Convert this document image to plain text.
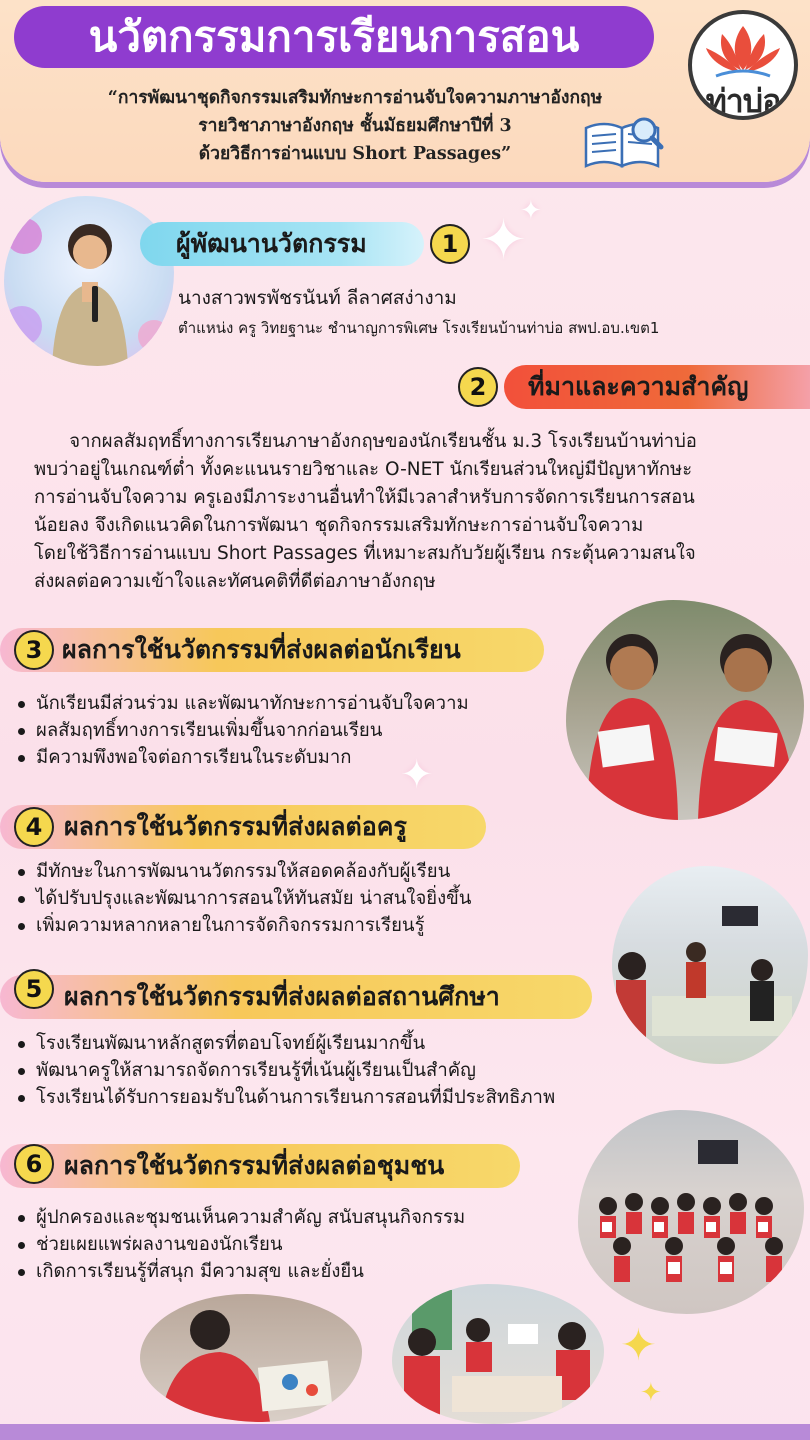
นวัตกรรมการเรียนการสอน
“การพัฒนาชุดกิจกรรมเสริมทักษะการอ่านจับใจความภาษาอังกฤษ
รายวิชาภาษาอังกฤษ ชั้นมัธยมศึกษาปีที่ 3
ด้วยวิธีการอ่านแบบ Short Passages”
ท่าบ่อ
✦
✦
✦
✦
✦
ผู้พัฒนานวัตกรรม	1
นางสาวพรพัชรนันท์ ลีลาศสง่างาม
ตำแหน่ง ครู วิทยฐานะ ชำนาญการพิเศษ โรงเรียนบ้านท่าบ่อ สพป.อบ.เขต1
2	ที่มาและความสำคัญ
จากผลสัมฤทธิ์ทางการเรียนภาษาอังกฤษของนักเรียนชั้น ม.3 โรงเรียนบ้านท่าบ่อ
พบว่าอยู่ในเกณฑ์ต่ำ ทั้งคะแนนรายวิชาและ O-NET นักเรียนส่วนใหญ่มีปัญหาทักษะ
การอ่านจับใจความ ครูเองมีภาระงานอื่นทำให้มีเวลาสำหรับการจัดการเรียนการสอน
น้อยลง จึงเกิดแนวคิดในการพัฒนา ชุดกิจกรรมเสริมทักษะการอ่านจับใจความ
โดยใช้วิธีการอ่านแบบ Short Passages ที่เหมาะสมกับวัยผู้เรียน กระตุ้นความสนใจ
ส่งผลต่อความเข้าใจและทัศนคติที่ดีต่อภาษาอังกฤษ
ผลการใช้นวัตกรรมที่ส่งผลต่อนักเรียน
3
นักเรียนมีส่วนร่วม และพัฒนาทักษะการอ่านจับใจความ
ผลสัมฤทธิ์ทางการเรียนเพิ่มขึ้นจากก่อนเรียน
มีความพึงพอใจต่อการเรียนในระดับมาก
ผลการใช้นวัตกรรมที่ส่งผลต่อครู
4
มีทักษะในการพัฒนานวัตกรรมให้สอดคล้องกับผู้เรียน
ได้ปรับปรุงและพัฒนาการสอนให้ทันสมัย น่าสนใจยิ่งขึ้น
เพิ่มความหลากหลายในการจัดกิจกรรมการเรียนรู้
ผลการใช้นวัตกรรมที่ส่งผลต่อสถานศึกษา
5
โรงเรียนพัฒนาหลักสูตรที่ตอบโจทย์ผู้เรียนมากขึ้น
พัฒนาครูให้สามารถจัดการเรียนรู้ที่เน้นผู้เรียนเป็นสำคัญ
โรงเรียนได้รับการยอมรับในด้านการเรียนการสอนที่มีประสิทธิภาพ
ผลการใช้นวัตกรรมที่ส่งผลต่อชุมชน
6
ผู้ปกครองและชุมชนเห็นความสำคัญ สนับสนุนกิจกรรม
ช่วยเผยแพร่ผลงานของนักเรียน
เกิดการเรียนรู้ที่สนุก มีความสุข และยั่งยืน
